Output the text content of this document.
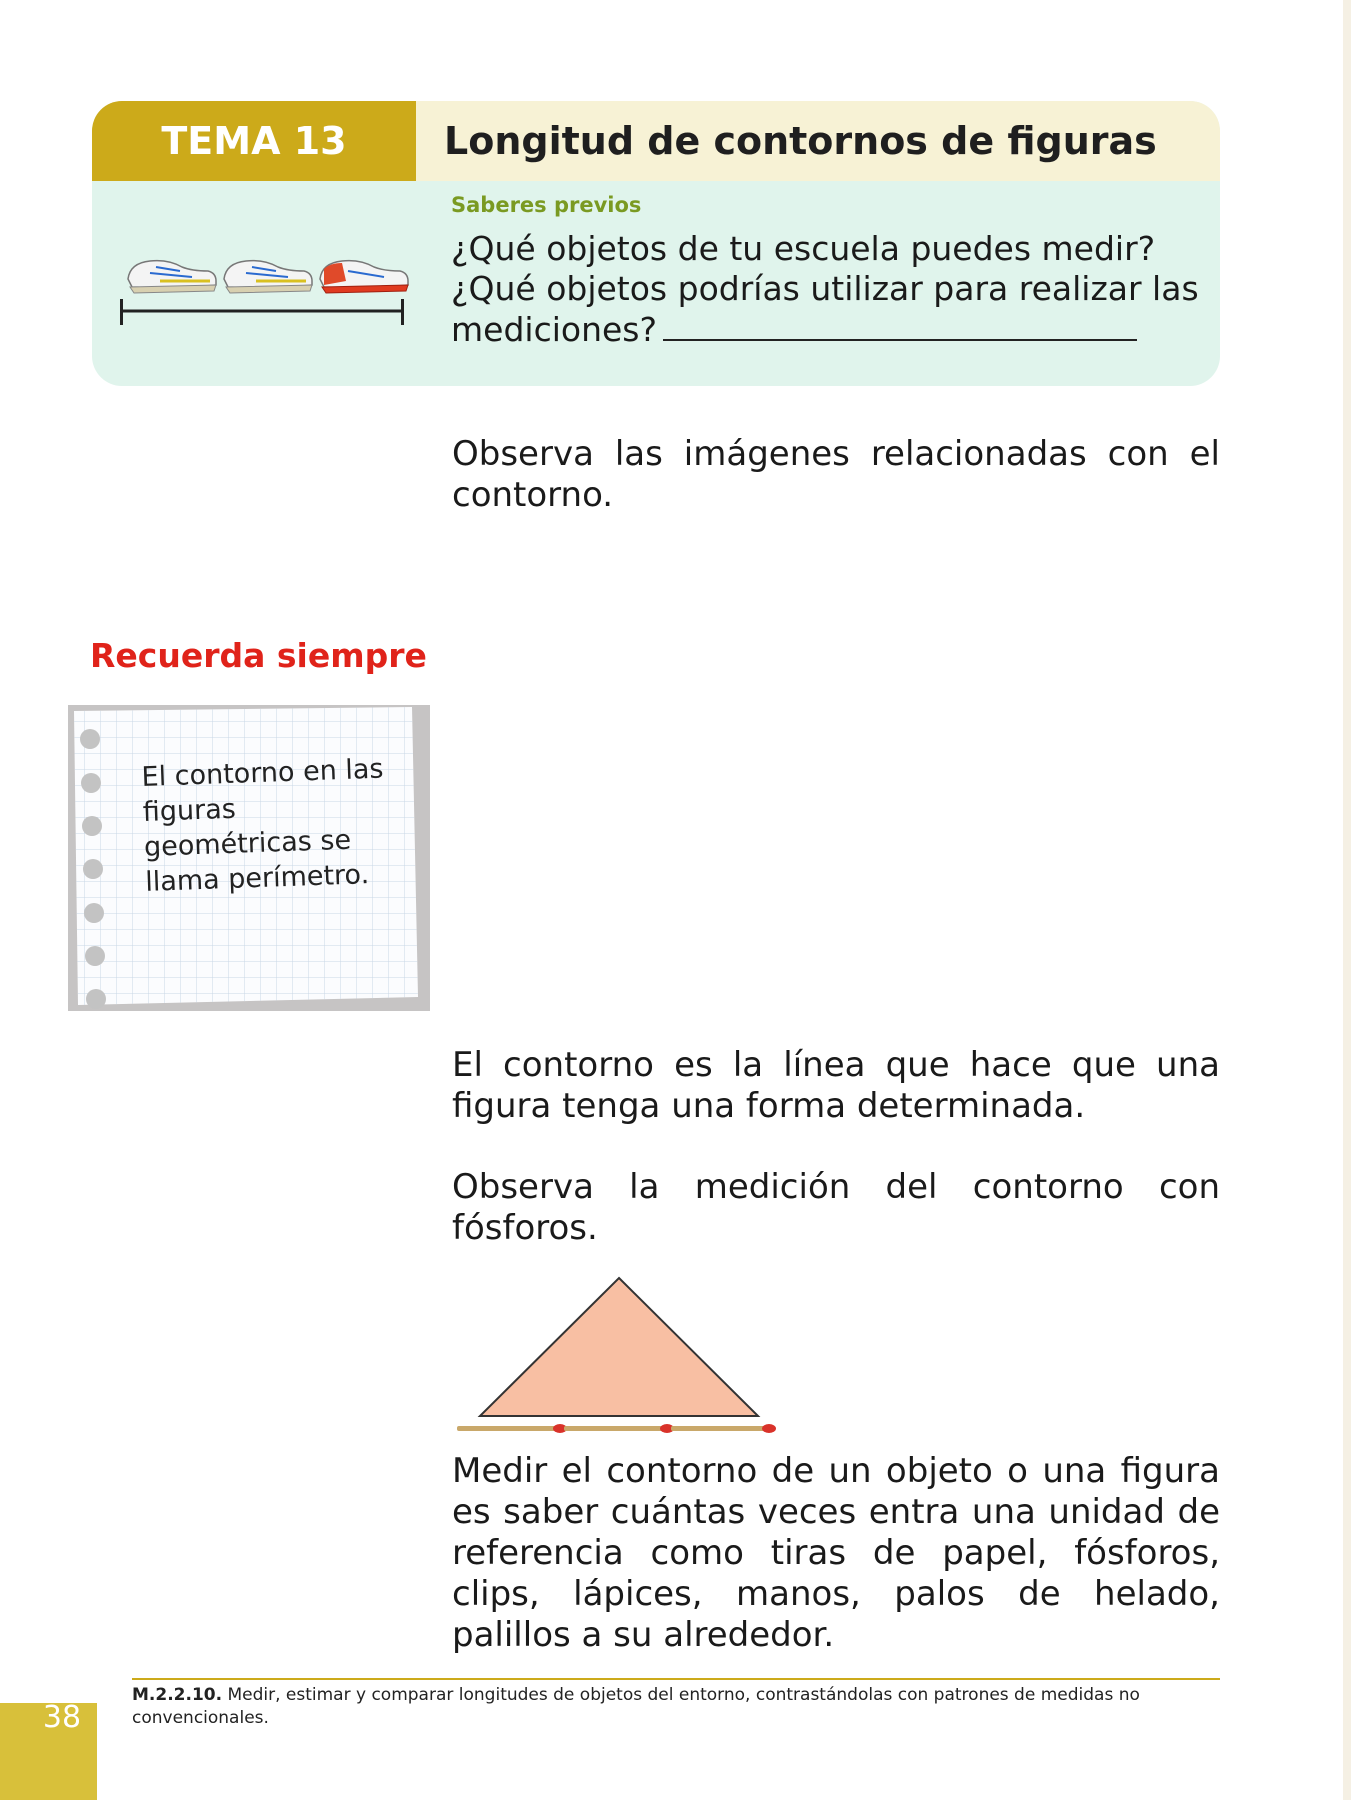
TEMA 13	Longitud de contornos de figuras
Saberes previos
¿Qué objetos de tu escuela puedes medir? ¿Qué objetos podrías utilizar para realizar las mediciones?
Observa las imágenes relacionadas con el contorno.
Recuerda siempre
El contorno en las figuras geométricas se llama perímetro.
El contorno es la línea que hace que una figura tenga una forma determinada.
Observa la medición del contorno con fósforos.
Medir el contorno de un objeto o una figura es saber cuántas veces entra una unidad de referencia como tiras de papel, fósforos, clips, lápices, manos, palos de helado, palillos a su alrededor.
M.2.2.10. Medir, estimar y comparar longitudes de objetos del entorno, contrastándolas con patrones de medidas no convencionales.
38
